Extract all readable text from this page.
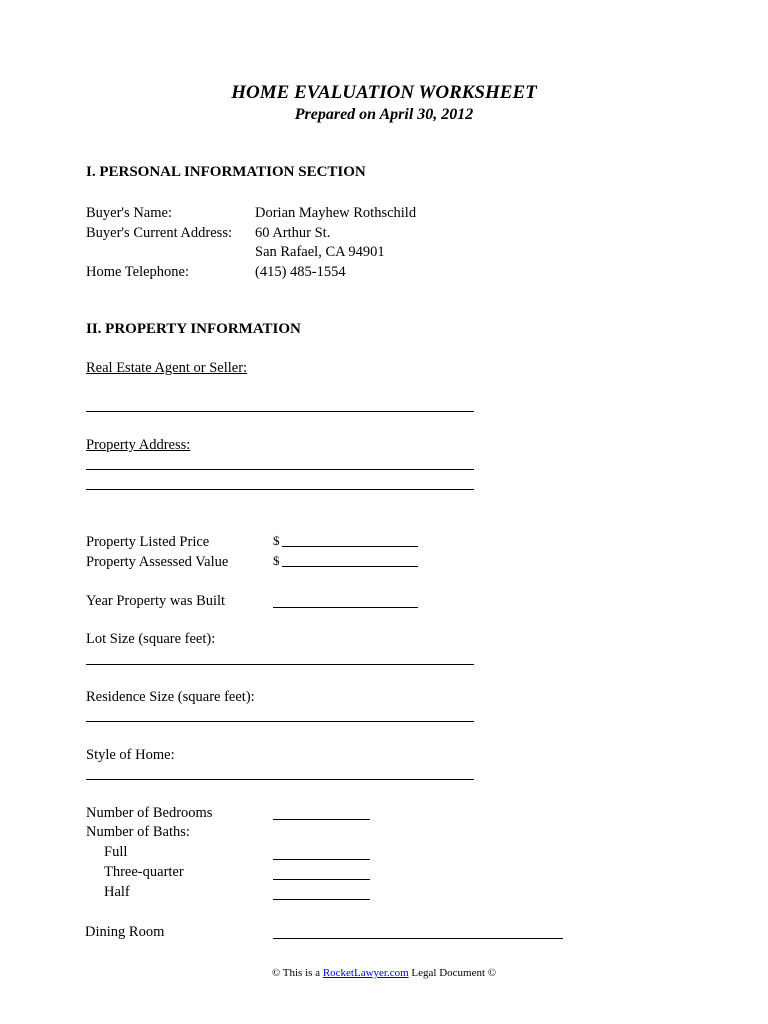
HOME EVALUATION WORKSHEET
Prepared on April 30, 2012
I. PERSONAL INFORMATION SECTION
Buyer's Name:	Dorian Mayhew Rothschild
Buyer's Current Address: 60 Arthur St.
San Rafael, CA 94901
Home Telephone:	(415) 485-1554
II. PROPERTY INFORMATION
Real Estate Agent or Seller:
Property Address:
Property Listed Price	$
Property Assessed Value	$
Year Property was Built
Lot Size (square feet):
Residence Size (square feet):
Style of Home:
Number of Bedrooms
Number of Baths:
Full
Three-quarter
Half
Dining Room
© This is a RocketLawyer.com Legal Document ©
